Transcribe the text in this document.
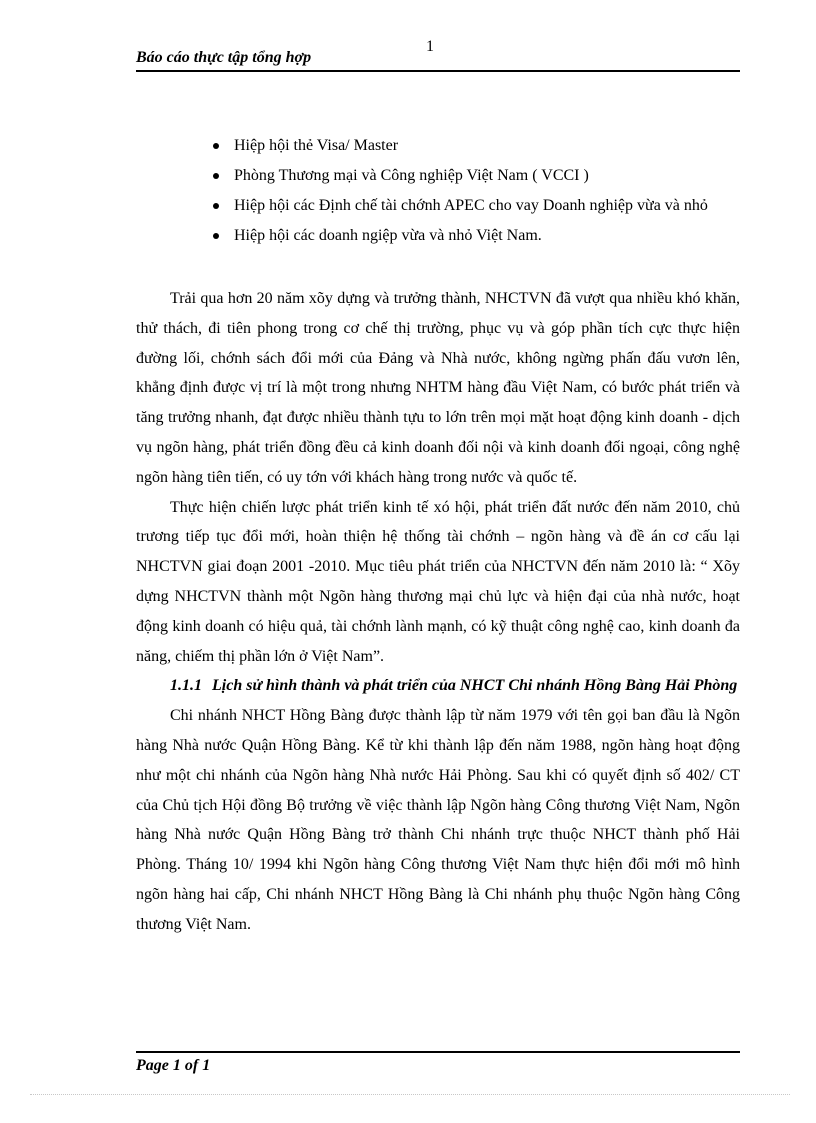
1
Báo cáo thực tập tổng hợp
Hiệp hội thẻ Visa/ Master
Phòng Thương mại và Công nghiệp Việt Nam ( VCCI )
Hiệp hội các Định chế tài chớnh APEC cho vay Doanh nghiệp vừa và nhỏ
Hiệp hội các doanh ngiệp vừa và nhỏ Việt Nam.

Trải qua hơn 20 năm xõy dựng và trưởng thành, NHCTVN đã vượt qua nhiều khó khăn, thử thách, đi tiên phong trong cơ chế thị trường, phục vụ và góp phần tích cực thực hiện đường lối, chớnh sách đổi mới của Đảng và Nhà nước, không ngừng phấn đấu vươn lên, khẳng định được vị trí là một trong nhưng NHTM hàng đầu Việt Nam, có bước phát triển và tăng trưởng nhanh, đạt được nhiều thành tựu to lớn trên mọi mặt hoạt động kinh doanh - dịch vụ ngõn hàng, phát triển đồng đều cả kinh doanh đối nội và kinh doanh đối ngoại, công nghệ ngõn hàng tiên tiến, có uy tớn với khách hàng trong nước và quốc tế.

Thực hiện chiến lược phát triển kinh tế xó hội, phát triển đất nước đến năm 2010, chủ trương tiếp tục đổi mới, hoàn thiện hệ thống tài chớnh – ngõn hàng và đề án cơ cấu lại NHCTVN giai đoạn 2001 -2010. Mục tiêu phát triển của NHCTVN đến năm 2010 là: “ Xõy dựng NHCTVN thành một Ngõn hàng thương mại chủ lực và hiện đại của nhà nước, hoạt động kinh doanh có hiệu quả, tài chớnh lành mạnh, có kỹ thuật công nghệ cao, kinh doanh đa năng, chiếm thị phần lớn ở Việt Nam”.

1.1.1 Lịch sử hình thành và phát triển của NHCT Chi nhánh Hồng Bàng Hải Phòng

Chi nhánh NHCT Hồng Bàng được thành lập từ năm 1979 với tên gọi ban đầu là Ngõn hàng Nhà nước Quận Hồng Bàng. Kể từ khi thành lập đến năm 1988, ngõn hàng hoạt động như một chi nhánh của Ngõn hàng Nhà nước Hải Phòng. Sau khi có quyết định số 402/ CT của Chủ tịch Hội đồng Bộ trưởng về việc thành lập Ngõn hàng Công thương Việt Nam, Ngõn hàng Nhà nước Quận Hồng Bàng trở thành Chi nhánh trực thuộc NHCT thành phố Hải Phòng. Tháng 10/ 1994 khi Ngõn hàng Công thương Việt Nam thực hiện đổi mới mô hình ngõn hàng hai cấp, Chi nhánh NHCT Hồng Bàng là Chi nhánh phụ thuộc Ngõn hàng Công thương Việt Nam.

Page 1 of 1
